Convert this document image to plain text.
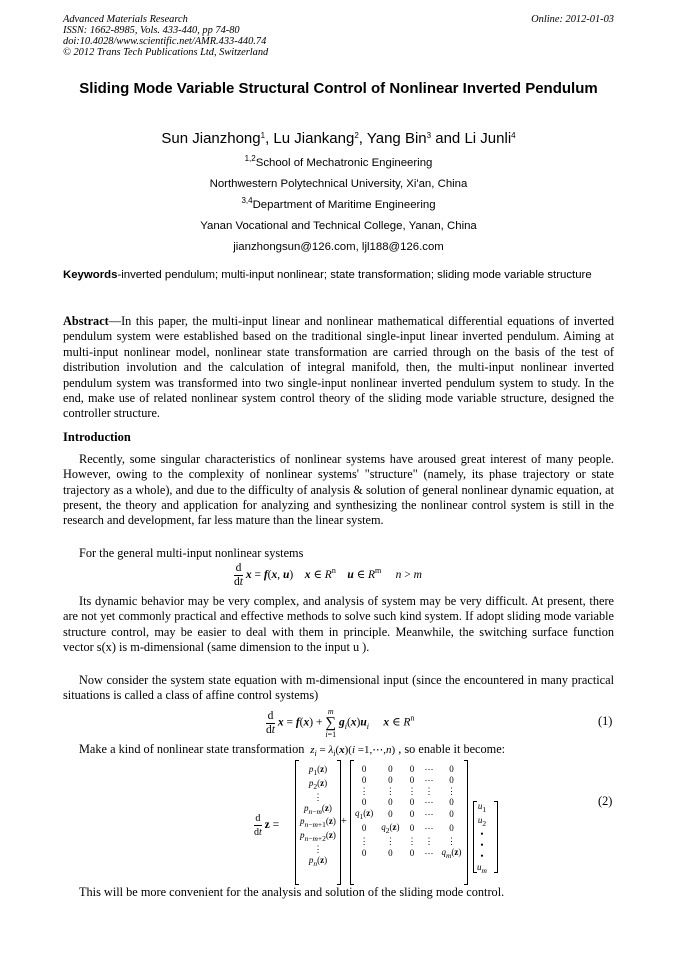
Advanced Materials Research
ISSN: 1662-8985, Vols. 433-440, pp 74-80
doi:10.4028/www.scientific.net/AMR.433-440.74
© 2012 Trans Tech Publications Ltd, Switzerland
Online: 2012-01-03
Sliding Mode Variable Structural Control of Nonlinear Inverted Pendulum
Sun Jianzhong$^1$, Lu Jiankang$^2$, Yang Bin$^3$ and Li Junli$^4$
$^{1,2}$School of Mechatronic Engineering
Northwestern Polytechnical University, Xi'an, China
$^{3,4}$Department of Maritime Engineering
Yanan Vocational and Technical College, Yanan, China
jianzhongsun@126.com, ljl188@126.com
Keywords-inverted pendulum; multi-input nonlinear; state transformation; sliding mode variable structure
Abstract—In this paper, the multi-input linear and nonlinear mathematical differential equations of inverted pendulum system were established based on the traditional single-input linear inverted pendulum. Aiming at multi-input nonlinear model, nonlinear state transformation are carried through on the basis of the test of distribution involution and the calculation of integral manifold, then, the multi-input nonlinear inverted pendulum system was transformed into two single-input nonlinear inverted pendulum system to study. In the end, make use of related nonlinear system control theory of the sliding mode variable structure, designed the controller structure.
Introduction
Recently, some singular characteristics of nonlinear systems have aroused great interest of many people. However, owing to the complexity of nonlinear systems' "structure" (namely, its phase trajectory or state trajectory as a whole), and due to the difficulty of analysis & solution of general nonlinear dynamic equation, at present, the theory and application for analyzing and synthesizing the nonlinear control system is still in the research and development, far less mature than the linear system.
For the general multi-input nonlinear systems
$\frac{d}{dt}$ x = f(x, u)    x ∈ $R^n$ u ∈ $R^m$ n > m
Its dynamic behavior may be very complex, and analysis of system may be very difficult. At present, there are not yet commonly practical and effective methods to solve such kind system. If adopt sliding mode variable structure control, may be easier to deal with them in principle. Meanwhile, the switching surface function vector s(x) is m-dimensional (same dimension to the input u ).
Now consider the system state equation with m-dimensional input (since the encountered in many practical situations is called a class of affine control systems)
$\frac{d}{dt}$ x = f(x) +
m
∑
i=1
$g_i(x)u_i$ x ∈ $R^n$	(1)
Make a kind of nonlinear state transformation $z_i = \lambda_i(x)(i$ =1,⋯,n) , so enable it become:
$\frac{d}{dt}$ z =
$p_1(z)$
$p_2(z)$
⋮
$p_{n-m}(z)$
$p_{n-m+1}(z)$
$p_{n-m+2}(z)$
⋮
$p_n(z)$
+
0	0	0	⋯	0
0	0	0	⋯	0
⋮	⋮	⋮	⋮	⋮
0	0	0	⋯	0
$q_1(z)$	0	0	⋯	0
0	$q_2(z)$	0	⋯	0
⋮	⋮	⋮	⋮	⋮
0	0	0	⋯	$q_m(z)$
$u_1$
$u_2$
•
•
•
$u_m$
(2)
This will be more convenient for the analysis and solution of the sliding mode control.
